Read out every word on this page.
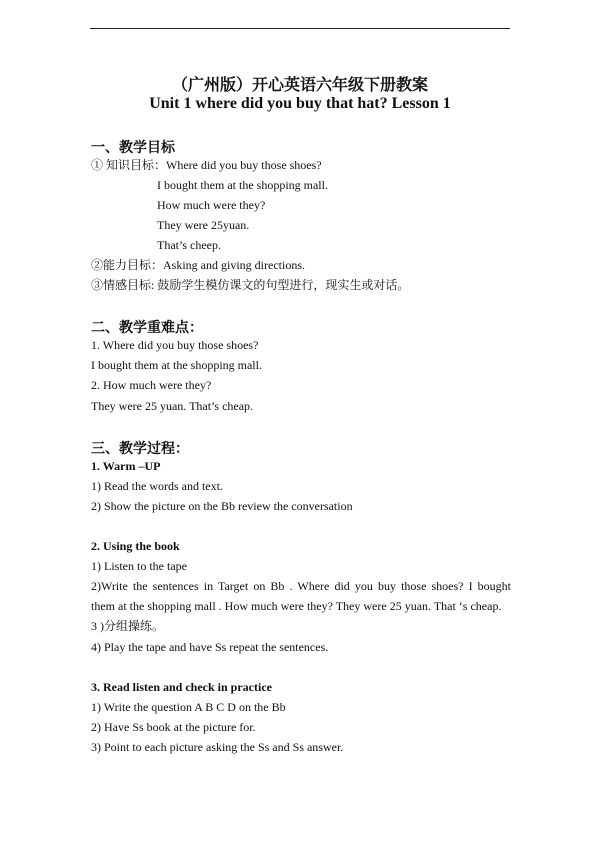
（广州版）开心英语六年级下册教案
Unit 1 where did you buy that hat? Lesson 1
一、教学目标
① 知识目标：Where did you buy those shoes?
I bought them at the shopping mall.
How much were they?
They were 25yuan.
That’s cheep.
②能力目标：Asking and giving directions.
③情感目标: 鼓励学生模仿课文的句型进行，现实生或对话。
二、教学重难点：
1. Where did you buy those shoes?
I bought them at the shopping mall.
2. How much were they?
They were 25 yuan. That’s cheap.
三、教学过程：
1. Warm –UP
1) Read the words and text.
2) Show the picture on the Bb review the conversation
2. Using the book
1) Listen to the tape
2)Write the sentences in Target on Bb . Where did you buy those shoes? I bought
them at the shopping mall . How much were they? They were 25 yuan. That ‘s cheap.
3 )分组操练。
4) Play the tape and have Ss repeat the sentences.
3. Read listen and check in practice
1) Write the question A B C D on the Bb
2) Have Ss book at the picture for.
3) Point to each picture asking the Ss and Ss answer.
